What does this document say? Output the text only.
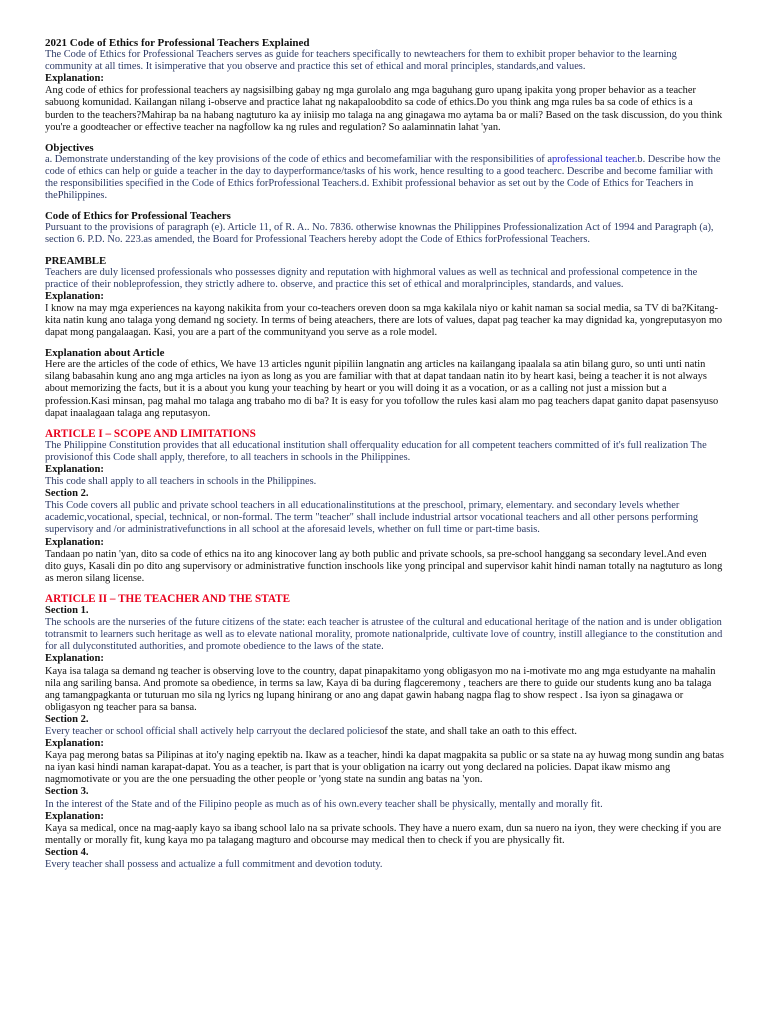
2021 Code of Ethics for Professional Teachers Explained

The Code of Ethics for Professional Teachers serves as guide for teachers specifically to newteachers for them to exhibit proper behavior to the learning community at all times. It isimperative that you observe and practice this set of ethical and moral principles, standards,and values.

Explanation:

Ang code of ethics for professional teachers ay nagsisilbing gabay ng mga gurolalo ang mga baguhang guro upang ipakita yong proper behavior as a teacher sabuong komunidad. Kailangan nilang i-observe and practice lahat ng nakapaloobdito sa code of ethics.Do you think ang mga rules ba sa code of ethics is a burden to the teachers?Mahirap ba na habang nagtuturo ka ay iniisip mo talaga na ang ginagawa mo aytama ba or mali? Based on the task discussion, do you think you're a goodteacher or effective teacher na nagfollow ka ng rules and regulation? So aalaminnatin lahat 'yan.

Objectives

a. Demonstrate understanding of the key provisions of the code of ethics and becomefamiliar with the responsibilities of aprofessional teacher.b. Describe how the code of ethics can help or guide a teacher in the day to dayperformance/tasks of his work, hence resulting to a good teacherc. Describe and become familiar with the responsibilities specified in the Code of Ethics forProfessional Teachers.d. Exhibit professional behavior as set out by the Code of Ethics for Teachers in thePhilippines.

Code of Ethics for Professional Teachers

Pursuant to the provisions of paragraph (e). Article 11, of R. A.. No. 7836. otherwise knownas the Philippines Professionalization Act of 1994 and Paragraph (a), section 6. P.D. No. 223.as amended, the Board for Professional Teachers hereby adopt the Code of Ethics forProfessional Teachers.

PREAMBLE

Teachers are duly licensed professionals who possesses dignity and reputation with highmoral values as well as technical and professional competence in the practice of their nobleprofession, they strictly adhere to. observe, and practice this set of ethical and moralprinciples, standards, and values.

Explanation:

I know na may mga experiences na kayong nakikita from your co-teachers oreven doon sa mga kakilala niyo or kahit naman sa social media, sa TV di ba?Kitang-kita natin kung ano talaga yong demand ng society. In terms of being ateachers, there are lots of values, dapat pag teacher ka may dignidad ka, yongreputasyon mo dapat mong pangalaagan. Kasi, you are a part of the communityand you serve as a role model.

Explanation about Article

Here are the articles of the code of ethics, We have 13 articles ngunit pipiliin langnatin ang articles na kailangang ipaalala sa atin bilang guro, so unti unti natin silang babasahin kung ano ang mga articles na iyon as long as you are familiar with that at dapat tandaan natin ito by heart kasi, being a teacher it is not always about memorizing the facts, but it is a about you kung your teaching by heart or you will doing it as a vocation, or as a calling not just a mission but a profession.Kasi minsan, pag mahal mo talaga ang trabaho mo di ba? It is easy for you tofollow the rules kasi alam mo pag teachers dapat ganito dapat pasensyuso dapat inaalagaan talaga ang reputasyon.

ARTICLE I – SCOPE AND LIMITATIONS

The Philippine Constitution provides that all educational institution shall offerquality education for all competent teachers committed of it's full realization The provisionof this Code shall apply, therefore, to all teachers in schools in the Philippines.

Explanation:

This code shall apply to all teachers in schools in the Philippines.

Section 2.

This Code covers all public and private school teachers in all educationalinstitutions at the preschool, primary, elementary. and secondary levels whether academic,vocational, special, technical, or non-formal. The term "teacher" shall include industrial artsor vocational teachers and all other persons performing supervisory and /or administrativefunctions in all school at the aforesaid levels, whether on full time or part-time basis.

Explanation:

Tandaan po natin 'yan, dito sa code of ethics na ito ang kinocover lang ay both public and private schools, sa pre-school hanggang sa secondary level.And even dito guys, Kasali din po dito ang supervisory or administrative function inschools like yong principal and supervisor kahit hindi naman totally na nagtuturo as long as meron silang license.

ARTICLE II – THE TEACHER AND THE STATE

Section 1.

The schools are the nurseries of the future citizens of the state: each teacher is atrustee of the cultural and educational heritage of the nation and is under obligation totransmit to learners such heritage as well as to elevate national morality, promote nationalpride, cultivate love of country, instill allegiance to the constitution and for all dulyconstituted authorities, and promote obedience to the laws of the state.

Explanation:

Kaya isa talaga sa demand ng teacher is observing love to the country, dapat pinapakitamo yong obligasyon mo na i-motivate mo ang mga estudyante na mahalin nila ang sariling bansa. And promote sa obedience, in terms sa law, Kaya di ba during flagceremony , teachers are there to guide our students kung ano ba talaga ang tamangpagkanta or tuturuan mo sila ng lyrics ng lupang hinirang or ano ang dapat gawin habang nagpa flag to show respect . Isa iyon sa ginagawa or obligasyon ng teacher para sa bansa.

Section 2.

Every teacher or school official shall actively help carryout the declared policiesof the state, and shall take an oath to this effect.

Explanation:

Kaya pag merong batas sa Pilipinas at ito'y naging epektib na. Ikaw as a teacher, hindi ka dapat magpakita sa public or sa state na ay huwag mong sundin ang batas na iyan kasi hindi naman karapat-dapat. You as a teacher, is part that is your obligation na icarry out yong declared na policies. Dapat ikaw mismo ang nagmomotivate or you are the one persuading the other people or 'yong state na sundin ang batas na 'yon.

Section 3.

In the interest of the State and of the Filipino people as much as of his own.every teacher shall be physically, mentally and morally fit.

Explanation:

Kaya sa medical, once na mag-aaply kayo sa ibang school lalo na sa private schools. They have a nuero exam, dun sa nuero na iyon, they were checking if you are mentally or morally fit, kung kaya mo pa talagang magturo and obcourse may medical then to check if you are physically fit.

Section 4.

Every teacher shall possess and actualize a full commitment and devotion toduty.
